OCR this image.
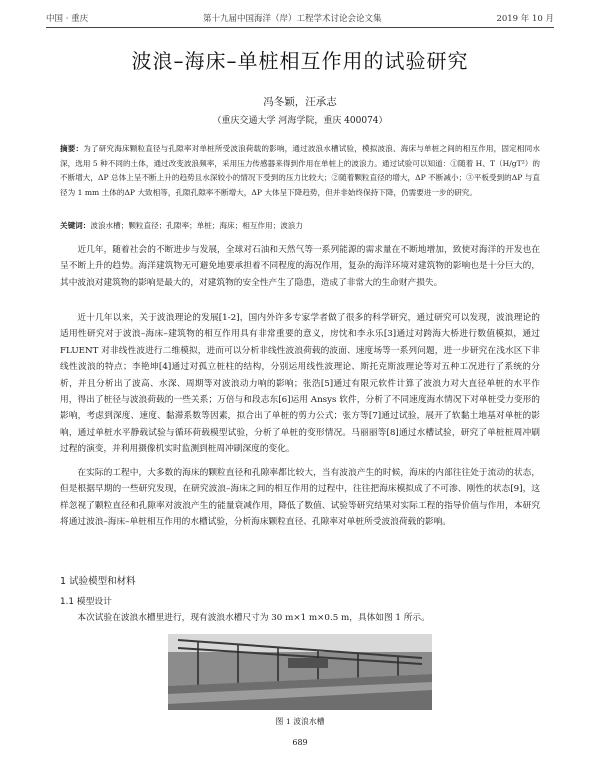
中国 · 重庆	第十九届中国海洋（岸）工程学术讨论会论文集	2019 年 10 月
波浪–海床–单桩相互作用的试验研究
冯冬颖，汪承志
（重庆交通大学 河海学院，重庆 400074）
摘要：为了研究海床颗粒直径与孔隙率对单桩所受波浪荷载的影响，通过波浪水槽试验，模拟波浪、海床与单桩之间的相互作用，固定相同水深，选用 5 种不同的土体，通过改变波浪频率，采用压力传感器来得到作用在单桩上的波浪力。通过试验可以知道：①随着 H、T（H/gT²）的不断增大，ΔP 总体上呈不断上升的趋势且水深较小的情况下受到的压力比较大；②随着颗粒直径的增大，ΔP 不断减小；③平板受到的ΔP 与直径为 1 mm 土体的ΔP 大致相等，孔隙孔隙率不断增大，ΔP 大体呈下降趋势，但并非始终保持下降，仍需要进一步的研究。
关键词：波浪水槽；颗粒直径；孔隙率；单桩；海床；相互作用；波浪力

近几年，随着社会的不断进步与发展，全球对石油和天然气等一系列能源的需求量在不断地增加，致使对海洋的开发也在呈不断上升的趋势。海洋建筑物无可避免地要承担着不同程度的海况作用，复杂的海洋环境对建筑物的影响也是十分巨大的，其中波浪对建筑物的影响是最大的，对建筑物的安全性产生了隐患，造成了非常大的生命财产损失。

近十几年以来，关于波浪理论的发展[1-2]，国内外许多专家学者做了很多的科学研究，通过研究可以发现，波浪理论的适用性研究对于波浪–海床–建筑物的相互作用具有非常重要的意义，房忱和李永乐[3]通过对跨海大桥进行数值模拟，通过 FLUENT 对非线性波进行二维模拟，进而可以分析非线性波浪荷载的波面、速度场等一系列问题，进一步研究在浅水区下非线性波浪的特点；李艳坤[4]通过对孤立桩柱的结构，分别运用线性波理论、斯托克斯波理论等对五种工况进行了系统的分析，并且分析出了波高、水深、周期等对波浪动力响的影响；张浩[5]通过有限元软件计算了波浪力对大直径单桩的水平作用，得出了桩径与波浪荷载的一些关系；万倍与和段志东[6]运用 Ansys 软件，分析了不同速度海水情况下对单桩受力变形的影响，考虑到深度、速度、黏滞系数等因素，拟合出了单桩的剪力公式；张方等[7]通过试验，展开了软黏土地基对单桩的影响，通过单桩水平静载试验与循环荷载模型试验，分析了单桩的变形情况。马丽丽等[8]通过水槽试验，研究了单桩桩周冲刷过程的演变，并利用摄像机实时监测到桩周冲刷深度的变化。

在实际的工程中，大多数的海床的颗粒直径和孔隙率都比较大，当有波浪产生的时候，海床的内部往往处于流动的状态，但是根据早期的一些研究发现，在研究波浪–海床之间的相互作用的过程中，往往把海床模拟成了不可渗、刚性的状态[9]，这样忽视了颗粒直径和孔隙率对波浪产生的能量衰减作用，降低了数值、试验等研究结果对实际工程的指导价值与作用，本研究将通过波浪–海床–单桩相互作用的水槽试验，分析海床颗粒直径、孔隙率对单桩所受波浪荷载的影响。

1 试验模型和材料
1.1 模型设计

本次试验在波浪水槽里进行，现有波浪水槽尺寸为 30 m×1 m×0.5 m，具体如图 1 所示。

图 1 波浪水槽
689
